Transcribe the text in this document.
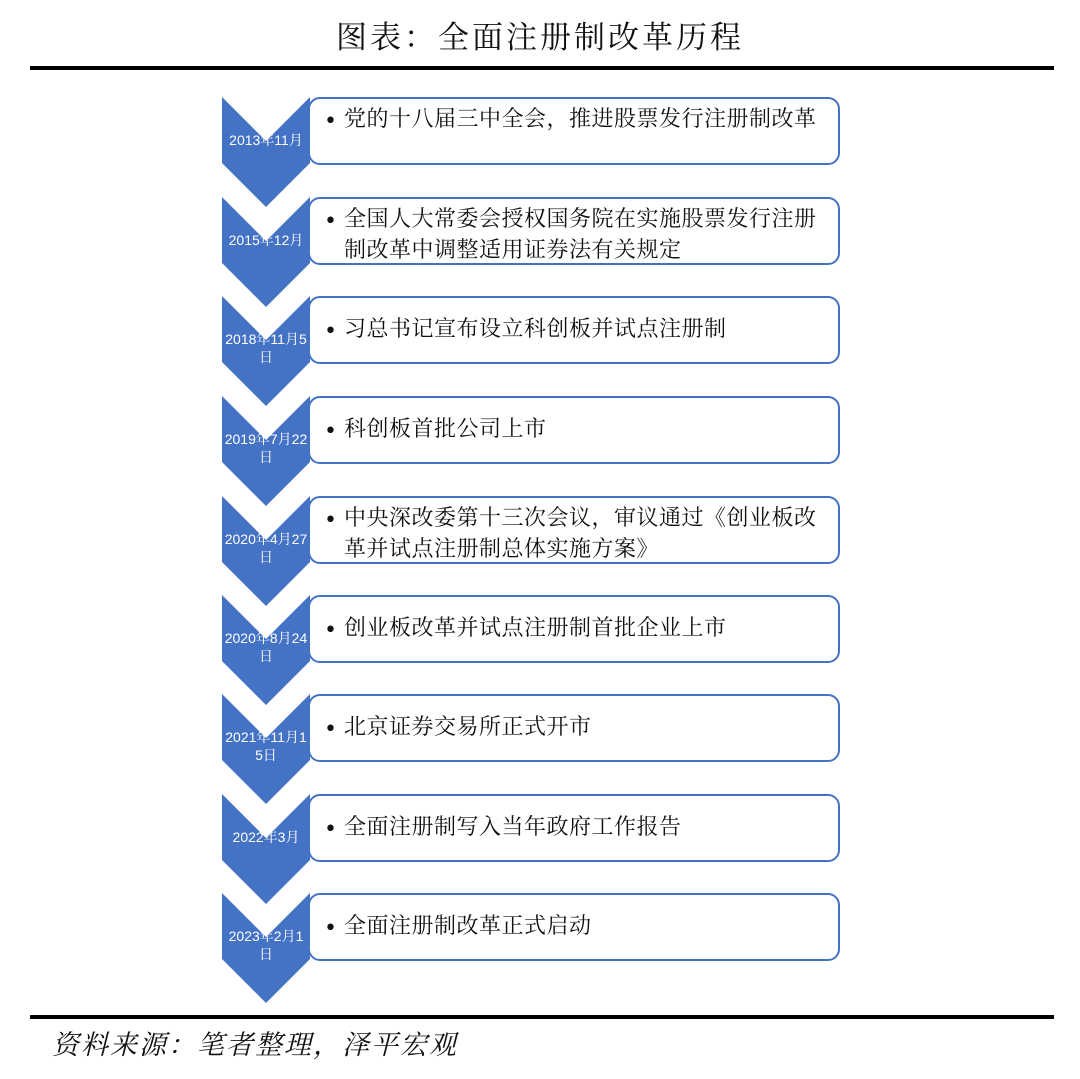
图表：全面注册制改革历程
2013年11月
• 党的十八届三中全会，推进股票发行注册制改革
2015年12月
• 全国人大常委会授权国务院在实施股票发行注册制改革中调整适用证券法有关规定
2018年11月5日
• 习总书记宣布设立科创板并试点注册制
2019年7月22日
• 科创板首批公司上市
2020年4月27日
• 中央深改委第十三次会议，审议通过《创业板改革并试点注册制总体实施方案》
2020年8月24日
• 创业板改革并试点注册制首批企业上市
2021年11月15日
• 北京证券交易所正式开市
2022年3月	• 全面注册制写入当年政府工作报告
2023年2月1日
• 全面注册制改革正式启动
资料来源：笔者整理，泽平宏观
